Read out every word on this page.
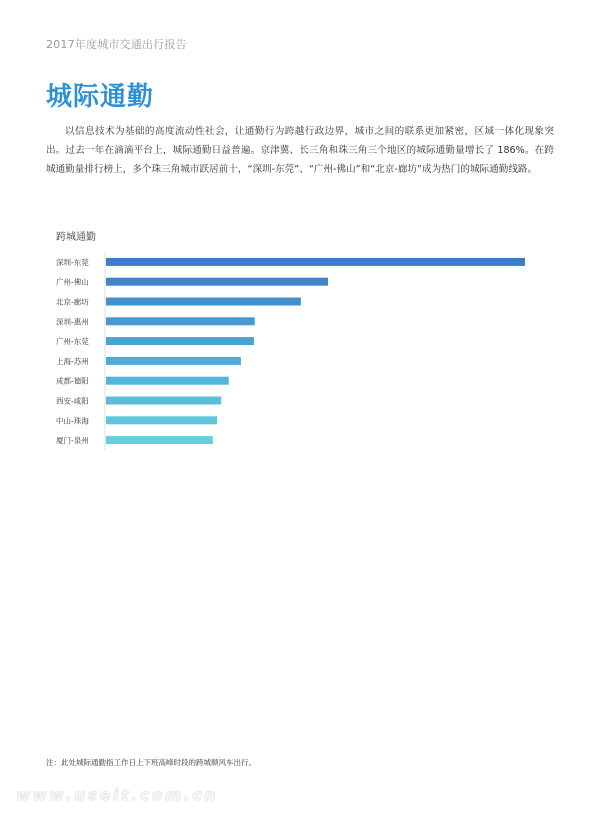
2017年度城市交通出行报告
城际通勤
以信息技术为基础的高度流动性社会，让通勤行为跨越行政边界，城市之间的联系更加紧密，区域一体化现象突出。过去一年在滴滴平台上，城际通勤日益普遍。京津冀、长三角和珠三角三个地区的城际通勤量增长了 186%。在跨城通勤量排行榜上，多个珠三角城市跃居前十，“深圳-东莞”、“广州-佛山”和“北京-廊坊”成为热门的城际通勤线路。
跨城通勤
深圳-东莞
广州-佛山
北京-廊坊
深圳-惠州
广州-东莞
上海-苏州
成都-德阳
西安-咸阳
中山-珠海
厦门-泉州
注：此处城际通勤指工作日上下班高峰时段的跨城顺风车出行。
www.useit.com.cn
